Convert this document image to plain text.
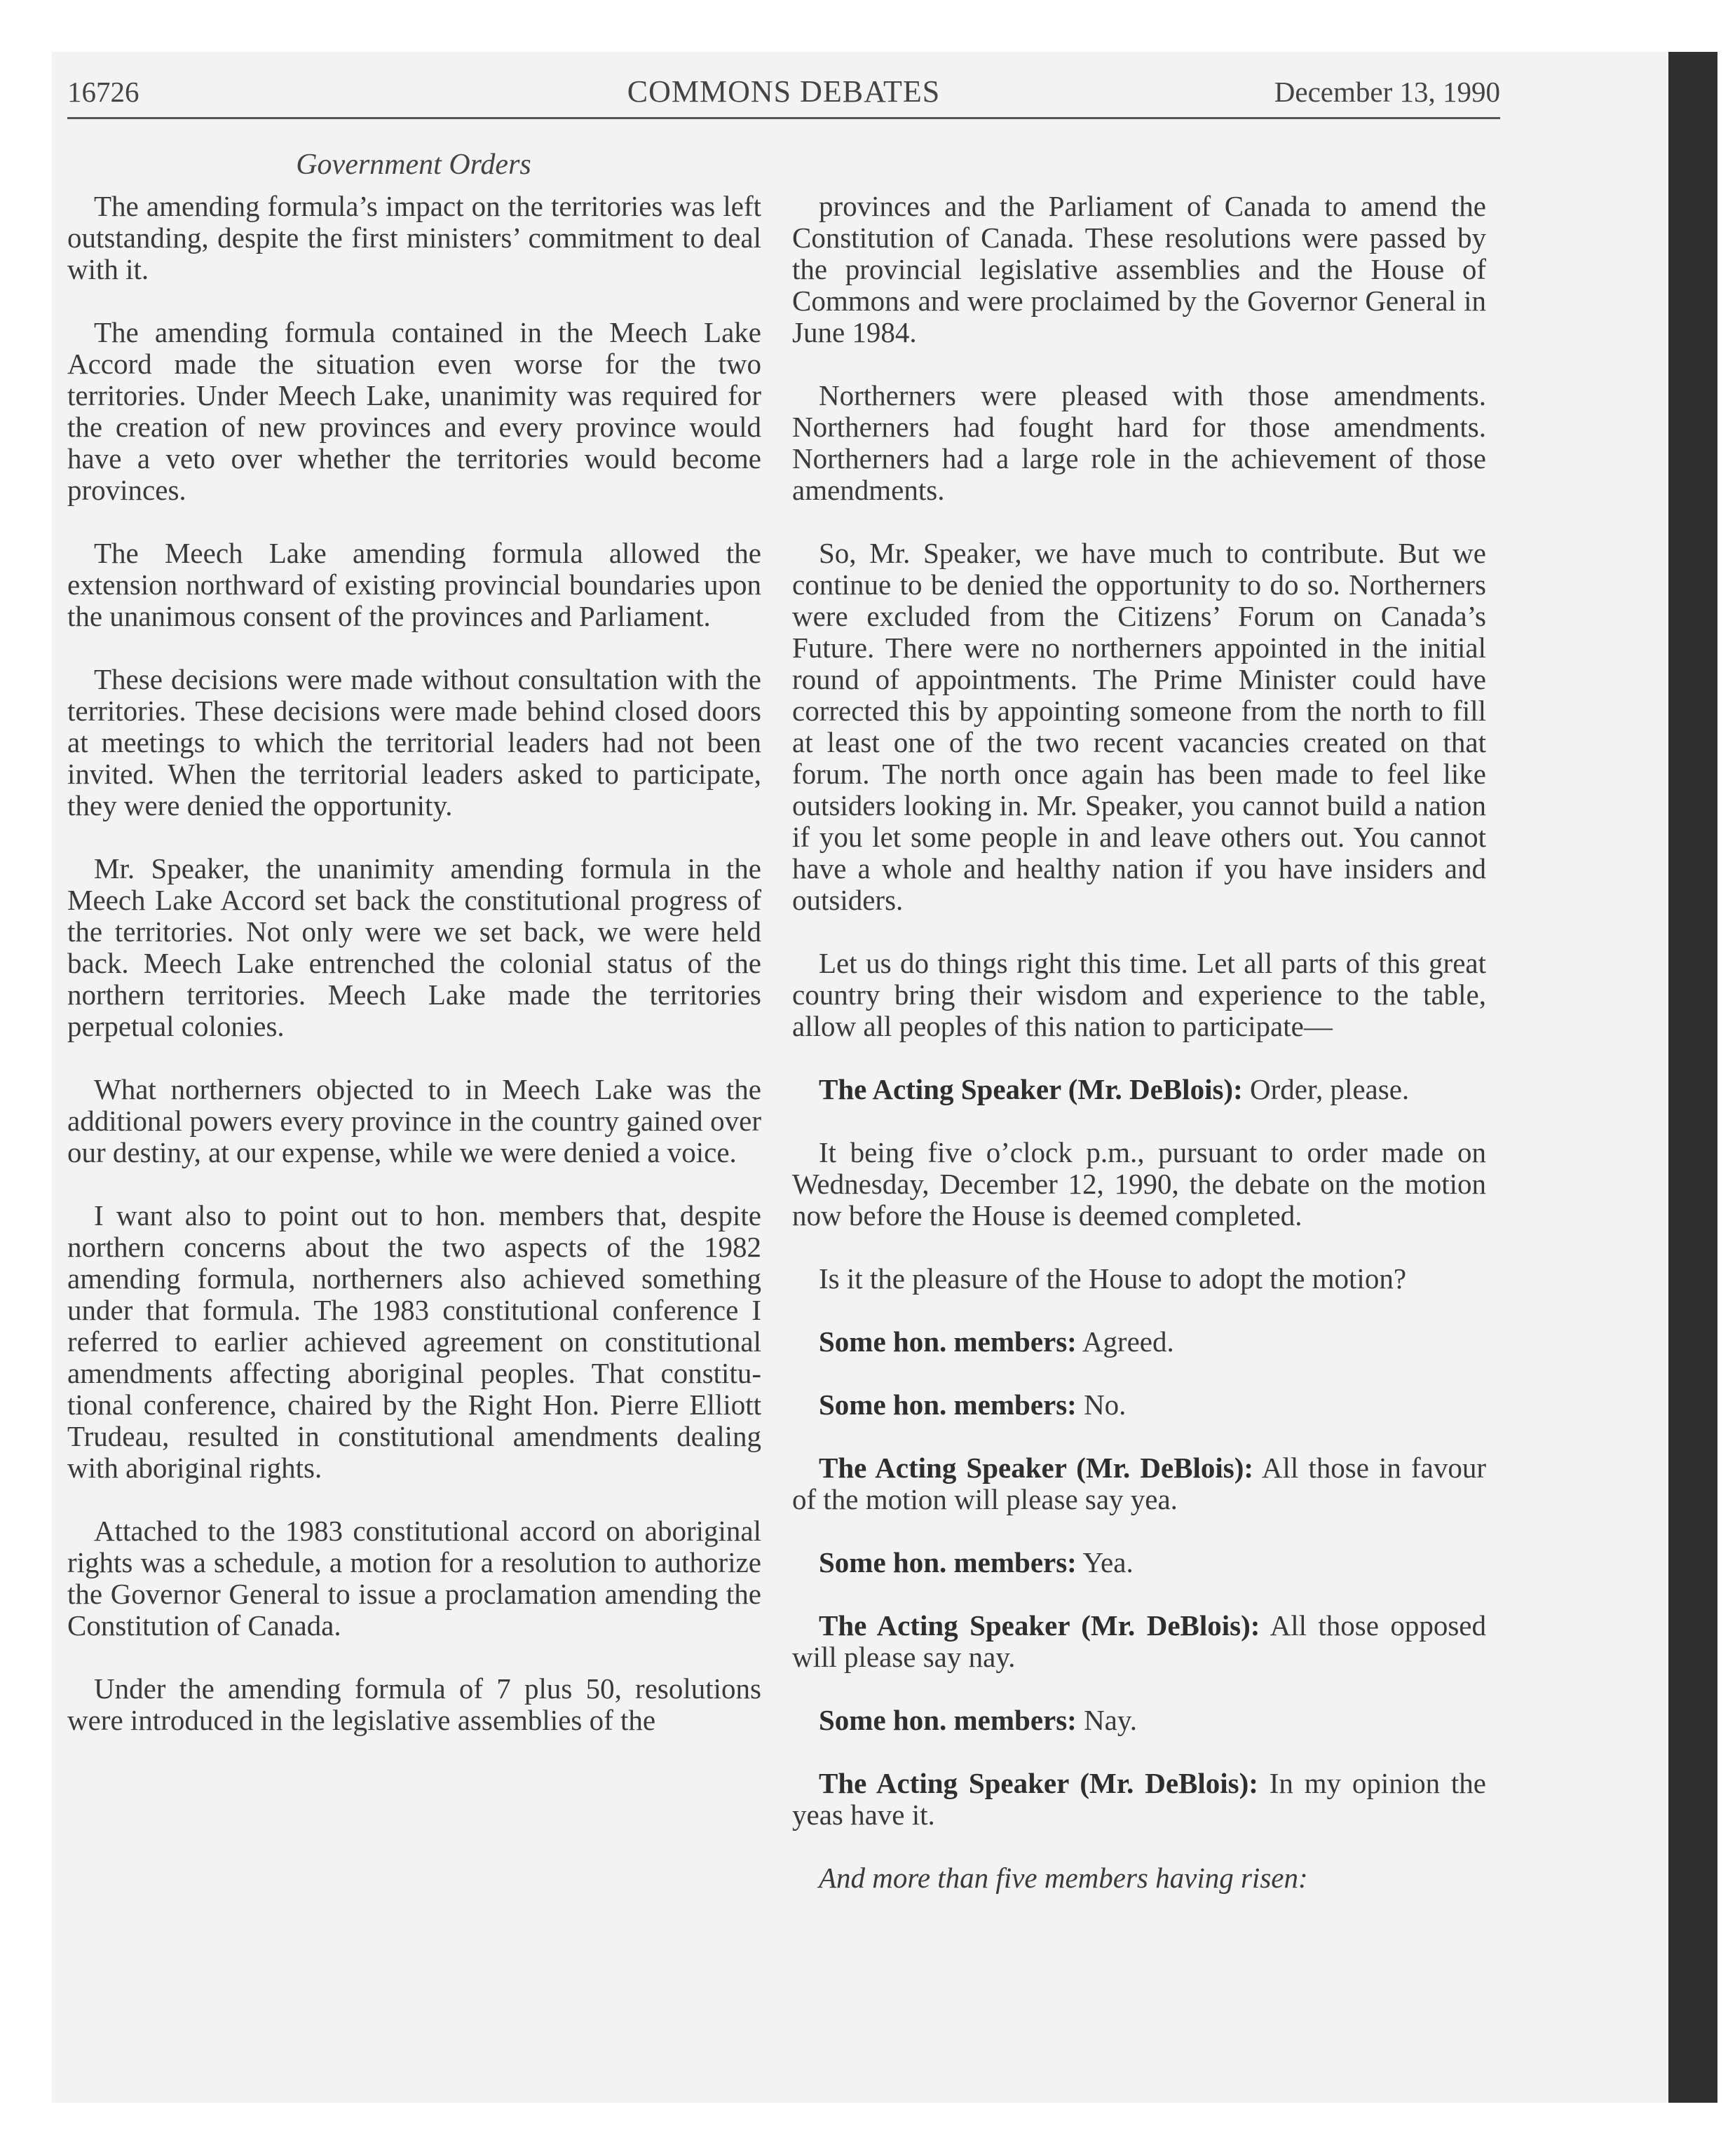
16726	COMMONS DEBATES	December 13, 1990
Government Orders

The amending formula’s impact on the territories was left outstanding, despite the first ministers’ commitment to deal with it.

The amending formula contained in the Meech Lake Accord made the situation even worse for the two territories. Under Meech Lake, unanimity was required for the creation of new provinces and every province would have a veto over whether the territories would become provinces.

The Meech Lake amending formula allowed the extension northward of existing provincial boundaries upon the unanimous consent of the provinces and Parliament.

These decisions were made without consultation with the territories. These decisions were made behind closed doors at meetings to which the territorial leaders had not been invited. When the territorial leaders asked to participate, they were denied the opportunity.

Mr. Speaker, the unanimity amending formula in the Meech Lake Accord set back the constitutional progress of the territories. Not only were we set back, we were held back. Meech Lake entrenched the colonial status of the northern territories. Meech Lake made the territories perpetual colonies.

What northerners objected to in Meech Lake was the additional powers every province in the country gained over our destiny, at our expense, while we were denied a voice.

I want also to point out to hon. members that, despite northern concerns about the two aspects of the 1982 amending formula, northerners also achieved something under that formula. The 1983 constitutional conference I referred to earlier achieved agreement on constitutional amendments affecting aboriginal peoples. That constitutional conference, chaired by the Right Hon. Pierre Elliott Trudeau, resulted in constitutional amendments dealing with aboriginal rights.

Attached to the 1983 constitutional accord on aboriginal rights was a schedule, a motion for a resolution to authorize the Governor General to issue a proclamation amending the Constitution of Canada.

Under the amending formula of 7 plus 50, resolutions were introduced in the legislative assemblies of the

provinces and the Parliament of Canada to amend the Constitution of Canada. These resolutions were passed by the provincial legislative assemblies and the House of Commons and were proclaimed by the Governor General in June 1984.

Northerners were pleased with those amendments. Northerners had fought hard for those amendments. Northerners had a large role in the achievement of those amendments.

So, Mr. Speaker, we have much to contribute. But we continue to be denied the opportunity to do so. Northerners were excluded from the Citizens’ Forum on Canada’s Future. There were no northerners appointed in the initial round of appointments. The Prime Minister could have corrected this by appointing someone from the north to fill at least one of the two recent vacancies created on that forum. The north once again has been made to feel like outsiders looking in. Mr. Speaker, you cannot build a nation if you let some people in and leave others out. You cannot have a whole and healthy nation if you have insiders and outsiders.

Let us do things right this time. Let all parts of this great country bring their wisdom and experience to the table, allow all peoples of this nation to participate—

The Acting Speaker (Mr. DeBlois): Order, please.

It being five o’clock p.m., pursuant to order made on Wednesday, December 12, 1990, the debate on the motion now before the House is deemed completed.

Is it the pleasure of the House to adopt the motion?

Some hon. members: Agreed.

Some hon. members: No.

The Acting Speaker (Mr. DeBlois): All those in favour of the motion will please say yea.

Some hon. members: Yea.

The Acting Speaker (Mr. DeBlois): All those opposed will please say nay.

Some hon. members: Nay.

The Acting Speaker (Mr. DeBlois): In my opinion the yeas have it.

And more than five members having risen:
